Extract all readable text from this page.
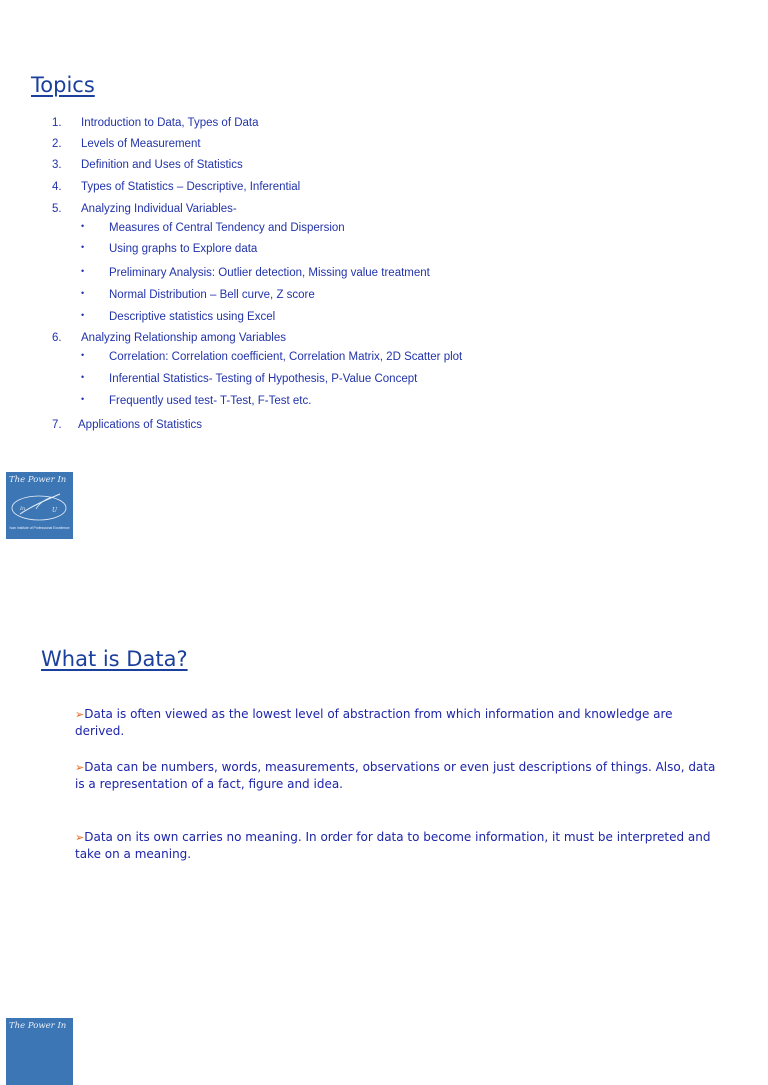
Topics
1.	Introduction to Data, Types of Data
2.	Levels of Measurement
3.	Definition and Uses of Statistics
4.	Types of Statistics – Descriptive, Inferential
5.	Analyzing Individual Variables-
• Measures of Central Tendency and Dispersion
• Using graphs to Explore data
• Preliminary Analysis: Outlier detection, Missing value treatment
• Normal Distribution – Bell curve, Z score
• Descriptive statistics using Excel
6.	Analyzing Relationship among Variables
• Correlation: Correlation coefficient, Correlation Matrix, 2D Scatter plot
• Inferential Statistics- Testing of Hypothesis, P-Value Concept
• Frequently used test- T-Test, F-Test etc.
7.	Applications of Statistics
In	U
The Power In
Ivan Institute of Professional Excellence
What is Data?
➢Data is often viewed as the lowest level of abstraction from which information and knowledge are derived.
➢Data can be numbers, words, measurements, observations or even just descriptions of things. Also, data is a representation of a fact, figure and idea.
➢Data on its own carries no meaning. In order for data to become information, it must be interpreted and take on a meaning.
The Power In
